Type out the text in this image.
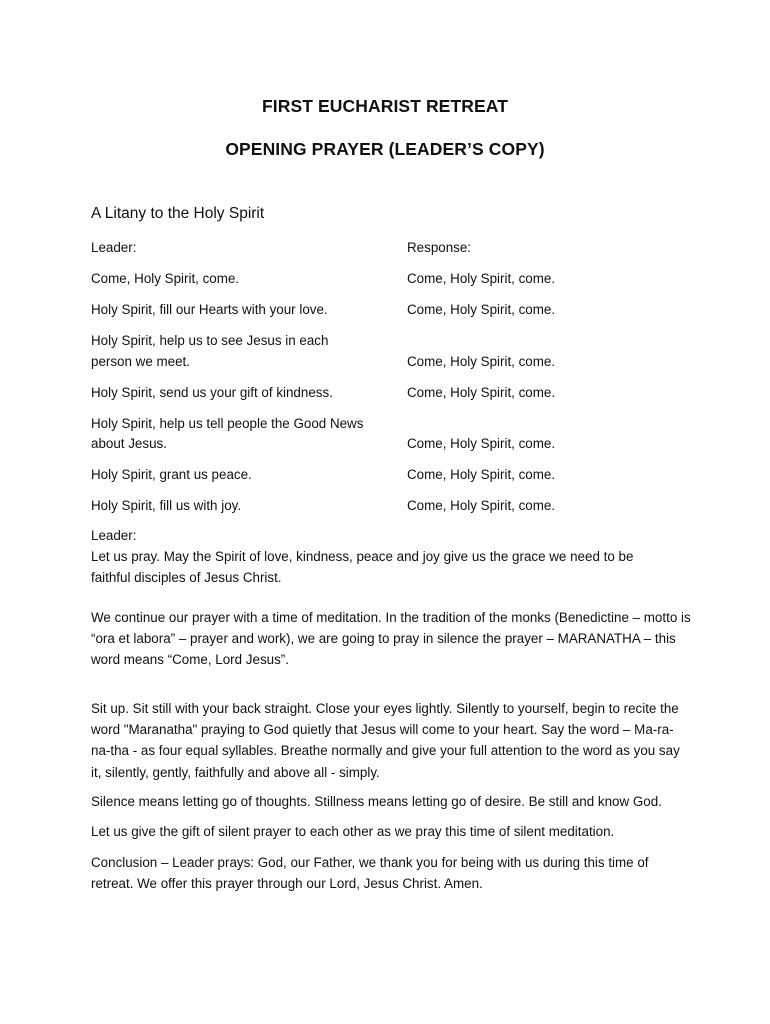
FIRST EUCHARIST RETREAT
OPENING PRAYER (LEADER’S COPY)
A Litany to the Holy Spirit
Leader:	Response:
Come, Holy Spirit, come.	Come, Holy Spirit, come.
Holy Spirit, fill our Hearts with your love.	Come, Holy Spirit, come.
Holy Spirit, help us to see Jesus in each person we meet.	Come, Holy Spirit, come.
Holy Spirit, send us your gift of kindness.	Come, Holy Spirit, come.
Holy Spirit, help us tell people the Good News about Jesus.	Come, Holy Spirit, come.
Holy Spirit, grant us peace.	Come, Holy Spirit, come.
Holy Spirit, fill us with joy.	Come, Holy Spirit, come.

Leader:

Let us pray. May the Spirit of love, kindness, peace and joy give us the grace we need to be faithful disciples of Jesus Christ.

We continue our prayer with a time of meditation. In the tradition of the monks (Benedictine – motto is “ora et labora” – prayer and work), we are going to pray in silence the prayer – MARANATHA – this word means “Come, Lord Jesus”.

Sit up. Sit still with your back straight. Close your eyes lightly. Silently to yourself, begin to recite the word "Maranatha" praying to God quietly that Jesus will come to your heart. Say the word – Ma-ra-na-tha - as four equal syllables. Breathe normally and give your full attention to the word as you say it, silently, gently, faithfully and above all - simply.

Silence means letting go of thoughts. Stillness means letting go of desire. Be still and know God.

Let us give the gift of silent prayer to each other as we pray this time of silent meditation.

Conclusion – Leader prays: God, our Father, we thank you for being with us during this time of retreat. We offer this prayer through our Lord, Jesus Christ. Amen.
